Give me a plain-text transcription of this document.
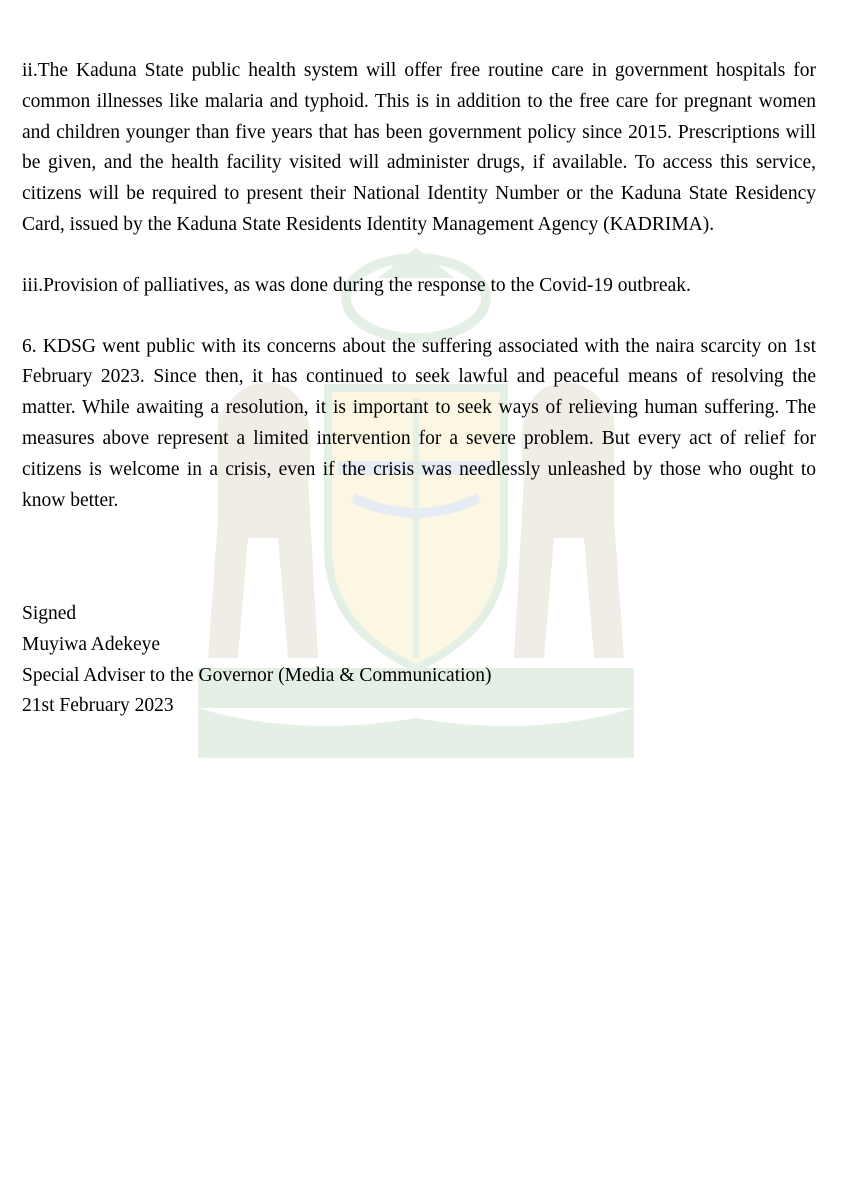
ii.The Kaduna State public health system will offer free routine care in government hospitals for common illnesses like malaria and typhoid. This is in addition to the free care for pregnant women and children younger than five years that has been government policy since 2015. Prescriptions will be given, and the health facility visited will administer drugs, if available. To access this service, citizens will be required to present their National Identity Number or the Kaduna State Residency Card, issued by the Kaduna State Residents Identity Management Agency (KADRIMA).

iii.Provision of palliatives, as was done during the response to the Covid-19 outbreak.

6. KDSG went public with its concerns about the suffering associated with the naira scarcity on 1st February 2023. Since then, it has continued to seek lawful and peaceful means of resolving the matter. While awaiting a resolution, it is important to seek ways of relieving human suffering. The measures above represent a limited intervention for a severe problem. But every act of relief for citizens is welcome in a crisis, even if the crisis was needlessly unleashed by those who ought to know better.

Signed
Muyiwa Adekeye
Special Adviser to the Governor (Media & Communication)
21st February 2023
